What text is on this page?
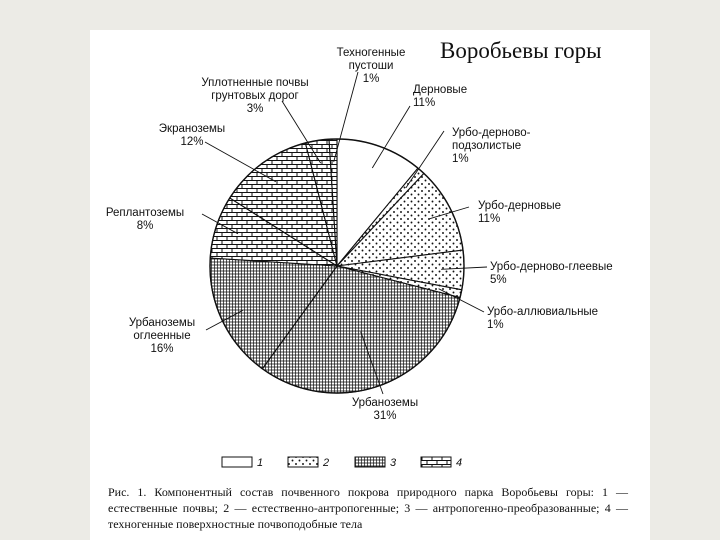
Воробьевы горы
Дерновые 11%
Урбо-дерново-подзолистые 1%
Урбо-дерновые 11%
Урбо-дерново-глеевые 5%
Урбо-аллювиальные 1%
Урбаноземы 31%
Урбаноземы оглеенные 16%
Реплантоземы 8%
Экраноземы 12%
Уплотненные почвы грунтовых дорог 3%
Техногенные пустоши 1%
1	2	3	4
Рис. 1. Компонентный состав почвенного покрова природного парка Воробьевы горы: 1 — естественные почвы; 2 — естественно-антропогенные; 3 — антропогенно-преобразованные; 4 — техногенные поверхностные почвоподобные тела
